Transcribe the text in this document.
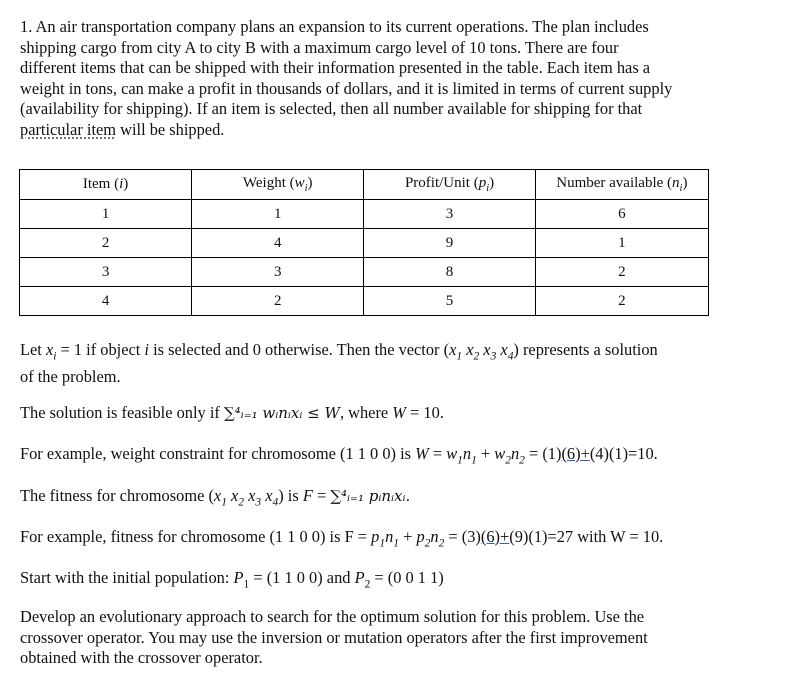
1. An air transportation company plans an expansion to its current operations. The plan includes
shipping cargo from city A to city B with a maximum cargo level of 10 tons. There are four
different items that can be shipped with their information presented in the table. Each item has a
weight in tons, can make a profit in thousands of dollars, and it is limited in terms of current supply
(availability for shipping). If an item is selected, then all number available for shipping for that
particular item will be shipped.

Item (i)	Weight $(w_i)$	Profit/Unit $(p_i)$	Number available $(n_i)$
1	1	3	6
2	4	9	1
3	3	8	2
4	2	5	2

Let $x_i = 1$ if object i is selected and 0 otherwise. Then the vector ($x_1$ $x_2$ $x_3$ $x_4$) represents a solution
of the problem.

The solution is feasible only if ∑⁴ᵢ₌₁ wᵢnᵢxᵢ ≤ W, where W = 10.

For example, weight constraint for chromosome (1 1 0 0) is $W = w_1n_1 + w_2n_2 = (1)(6)+(4)(1)=10$.

The fitness for chromosome ($x_1$ $x_2$ $x_3$ $x_4$) is F = ∑⁴ᵢ₌₁ pᵢnᵢxᵢ.

For example, fitness for chromosome (1 1 0 0) is $F = p_1n_1 + p_2n_2 = (3)(6)+(9)(1)=27$ with W = 10.

Start with the initial population: $P_1 = (1$ 1 0 0) and $P_2 = (0$ 0 1 1)

Develop an evolutionary approach to search for the optimum solution for this problem. Use the
crossover operator. You may use the inversion or mutation operators after the first improvement
obtained with the crossover operator.
